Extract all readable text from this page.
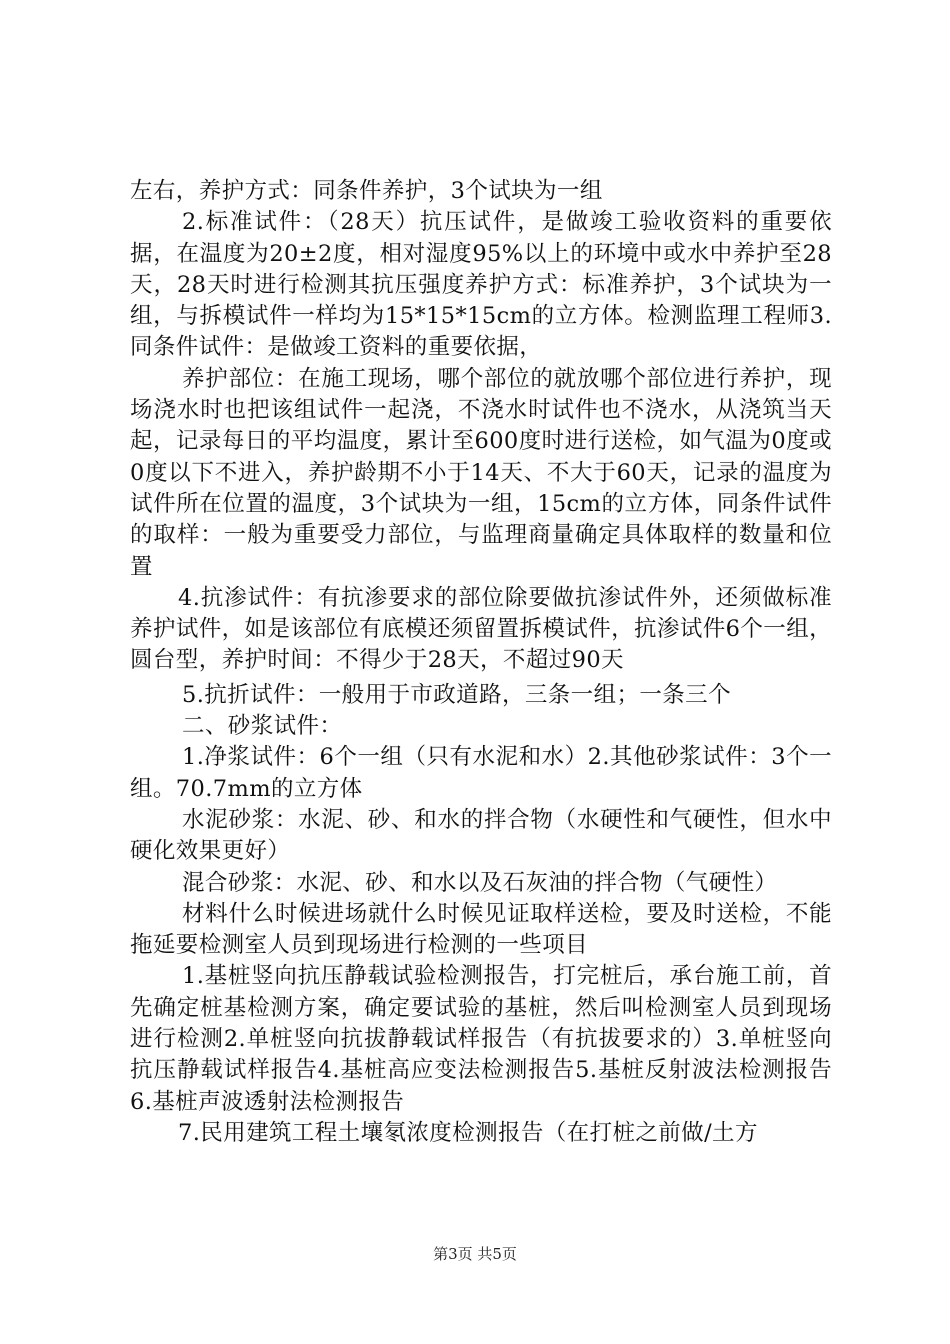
左右，养护方式：同条件养护，3个试块为一组

2.标准试件：（28天）抗压试件，是做竣工验收资料的重要依据，在温度为20±2度，相对湿度95%以上的环境中或水中养护至28天，28天时进行检测其抗压强度养护方式：标准养护，3个试块为一组，与拆模试件一样均为15*15*15cm的立方体。检测监理工程师3.同条件试件：是做竣工资料的重要依据，

养护部位：在施工现场，哪个部位的就放哪个部位进行养护，现场浇水时也把该组试件一起浇，不浇水时试件也不浇水，从浇筑当天起，记录每日的平均温度，累计至600度时进行送检，如气温为0度或0度以下不进入，养护龄期不小于14天、不大于60天，记录的温度为试件所在位置的温度，3个试块为一组，15cm的立方体，同条件试件的取样：一般为重要受力部位，与监理商量确定具体取样的数量和位置

4.抗渗试件：有抗渗要求的部位除要做抗渗试件外，还须做标准养护试件，如是该部位有底模还须留置拆模试件，抗渗试件6个一组，圆台型，养护时间：不得少于28天，不超过90天

5.抗折试件：一般用于市政道路，三条一组；一条三个

二、砂浆试件：

1.净浆试件：6个一组（只有水泥和水）2.其他砂浆试件：3个一组。70.7mm的立方体

水泥砂浆：水泥、砂、和水的拌合物（水硬性和气硬性，但水中硬化效果更好）

混合砂浆：水泥、砂、和水以及石灰油的拌合物（气硬性）

材料什么时候进场就什么时候见证取样送检，要及时送检，不能拖延要检测室人员到现场进行检测的一些项目

1.基桩竖向抗压静载试验检测报告，打完桩后，承台施工前，首先确定桩基检测方案，确定要试验的基桩，然后叫检测室人员到现场进行检测2.单桩竖向抗拔静载试样报告（有抗拔要求的）3.单桩竖向抗压静载试样报告4.基桩高应变法检测报告5.基桩反射波法检测报告6.基桩声波透射法检测报告

7.民用建筑工程土壤氡浓度检测报告（在打桩之前做/土方

第3页 共5页
